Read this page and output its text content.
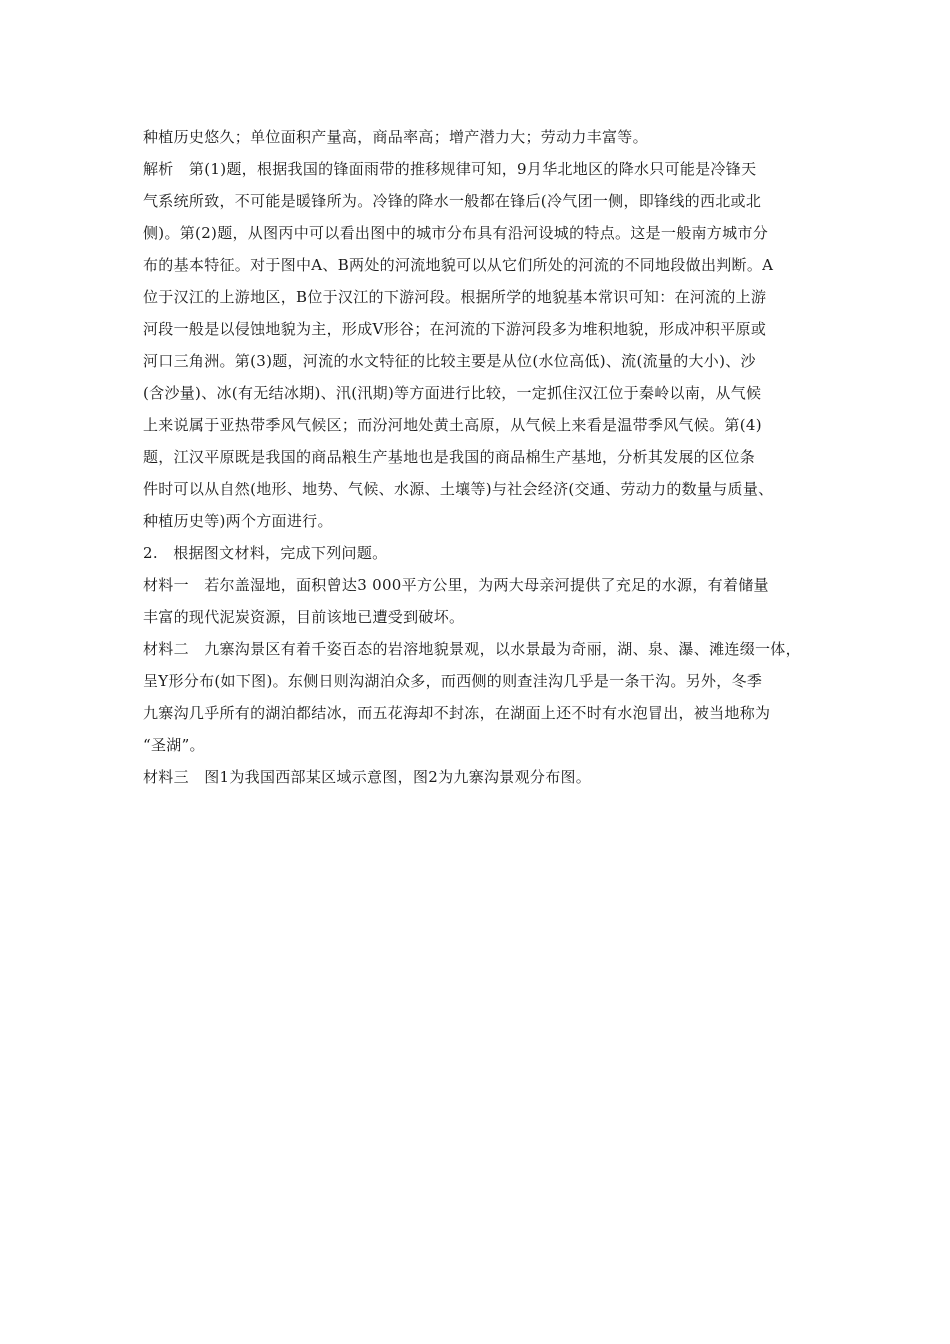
种植历史悠久；单位面积产量高，商品率高；增产潜力大；劳动力丰富等。
解析　第(1)题，根据我国的锋面雨带的推移规律可知，9月华北地区的降水只可能是冷锋天
气系统所致，不可能是暖锋所为。冷锋的降水一般都在锋后(冷气团一侧，即锋线的西北或北
侧)。第(2)题，从图丙中可以看出图中的城市分布具有沿河设城的特点。这是一般南方城市分
布的基本特征。对于图中A、B两处的河流地貌可以从它们所处的河流的不同地段做出判断。A
位于汉江的上游地区，B位于汉江的下游河段。根据所学的地貌基本常识可知：在河流的上游
河段一般是以侵蚀地貌为主，形成V形谷；在河流的下游河段多为堆积地貌，形成冲积平原或
河口三角洲。第(3)题，河流的水文特征的比较主要是从位(水位高低)、流(流量的大小)、沙
(含沙量)、冰(有无结冰期)、汛(汛期)等方面进行比较，一定抓住汉江位于秦岭以南，从气候
上来说属于亚热带季风气候区；而汾河地处黄土高原，从气候上来看是温带季风气候。第(4)
题，江汉平原既是我国的商品粮生产基地也是我国的商品棉生产基地，分析其发展的区位条
件时可以从自然(地形、地势、气候、水源、土壤等)与社会经济(交通、劳动力的数量与质量、
种植历史等)两个方面进行。
2.　根据图文材料，完成下列问题。
材料一　若尔盖湿地，面积曾达3 000平方公里，为两大母亲河提供了充足的水源，有着储量
丰富的现代泥炭资源，目前该地已遭受到破坏。
材料二　九寨沟景区有着千姿百态的岩溶地貌景观，以水景最为奇丽，湖、泉、瀑、滩连缀一体，
呈Y形分布(如下图)。东侧日则沟湖泊众多，而西侧的则查洼沟几乎是一条干沟。另外，冬季
九寨沟几乎所有的湖泊都结冰，而五花海却不封冻，在湖面上还不时有水泡冒出，被当地称为
“圣湖”。
材料三　图1为我国西部某区域示意图，图2为九寨沟景观分布图。
